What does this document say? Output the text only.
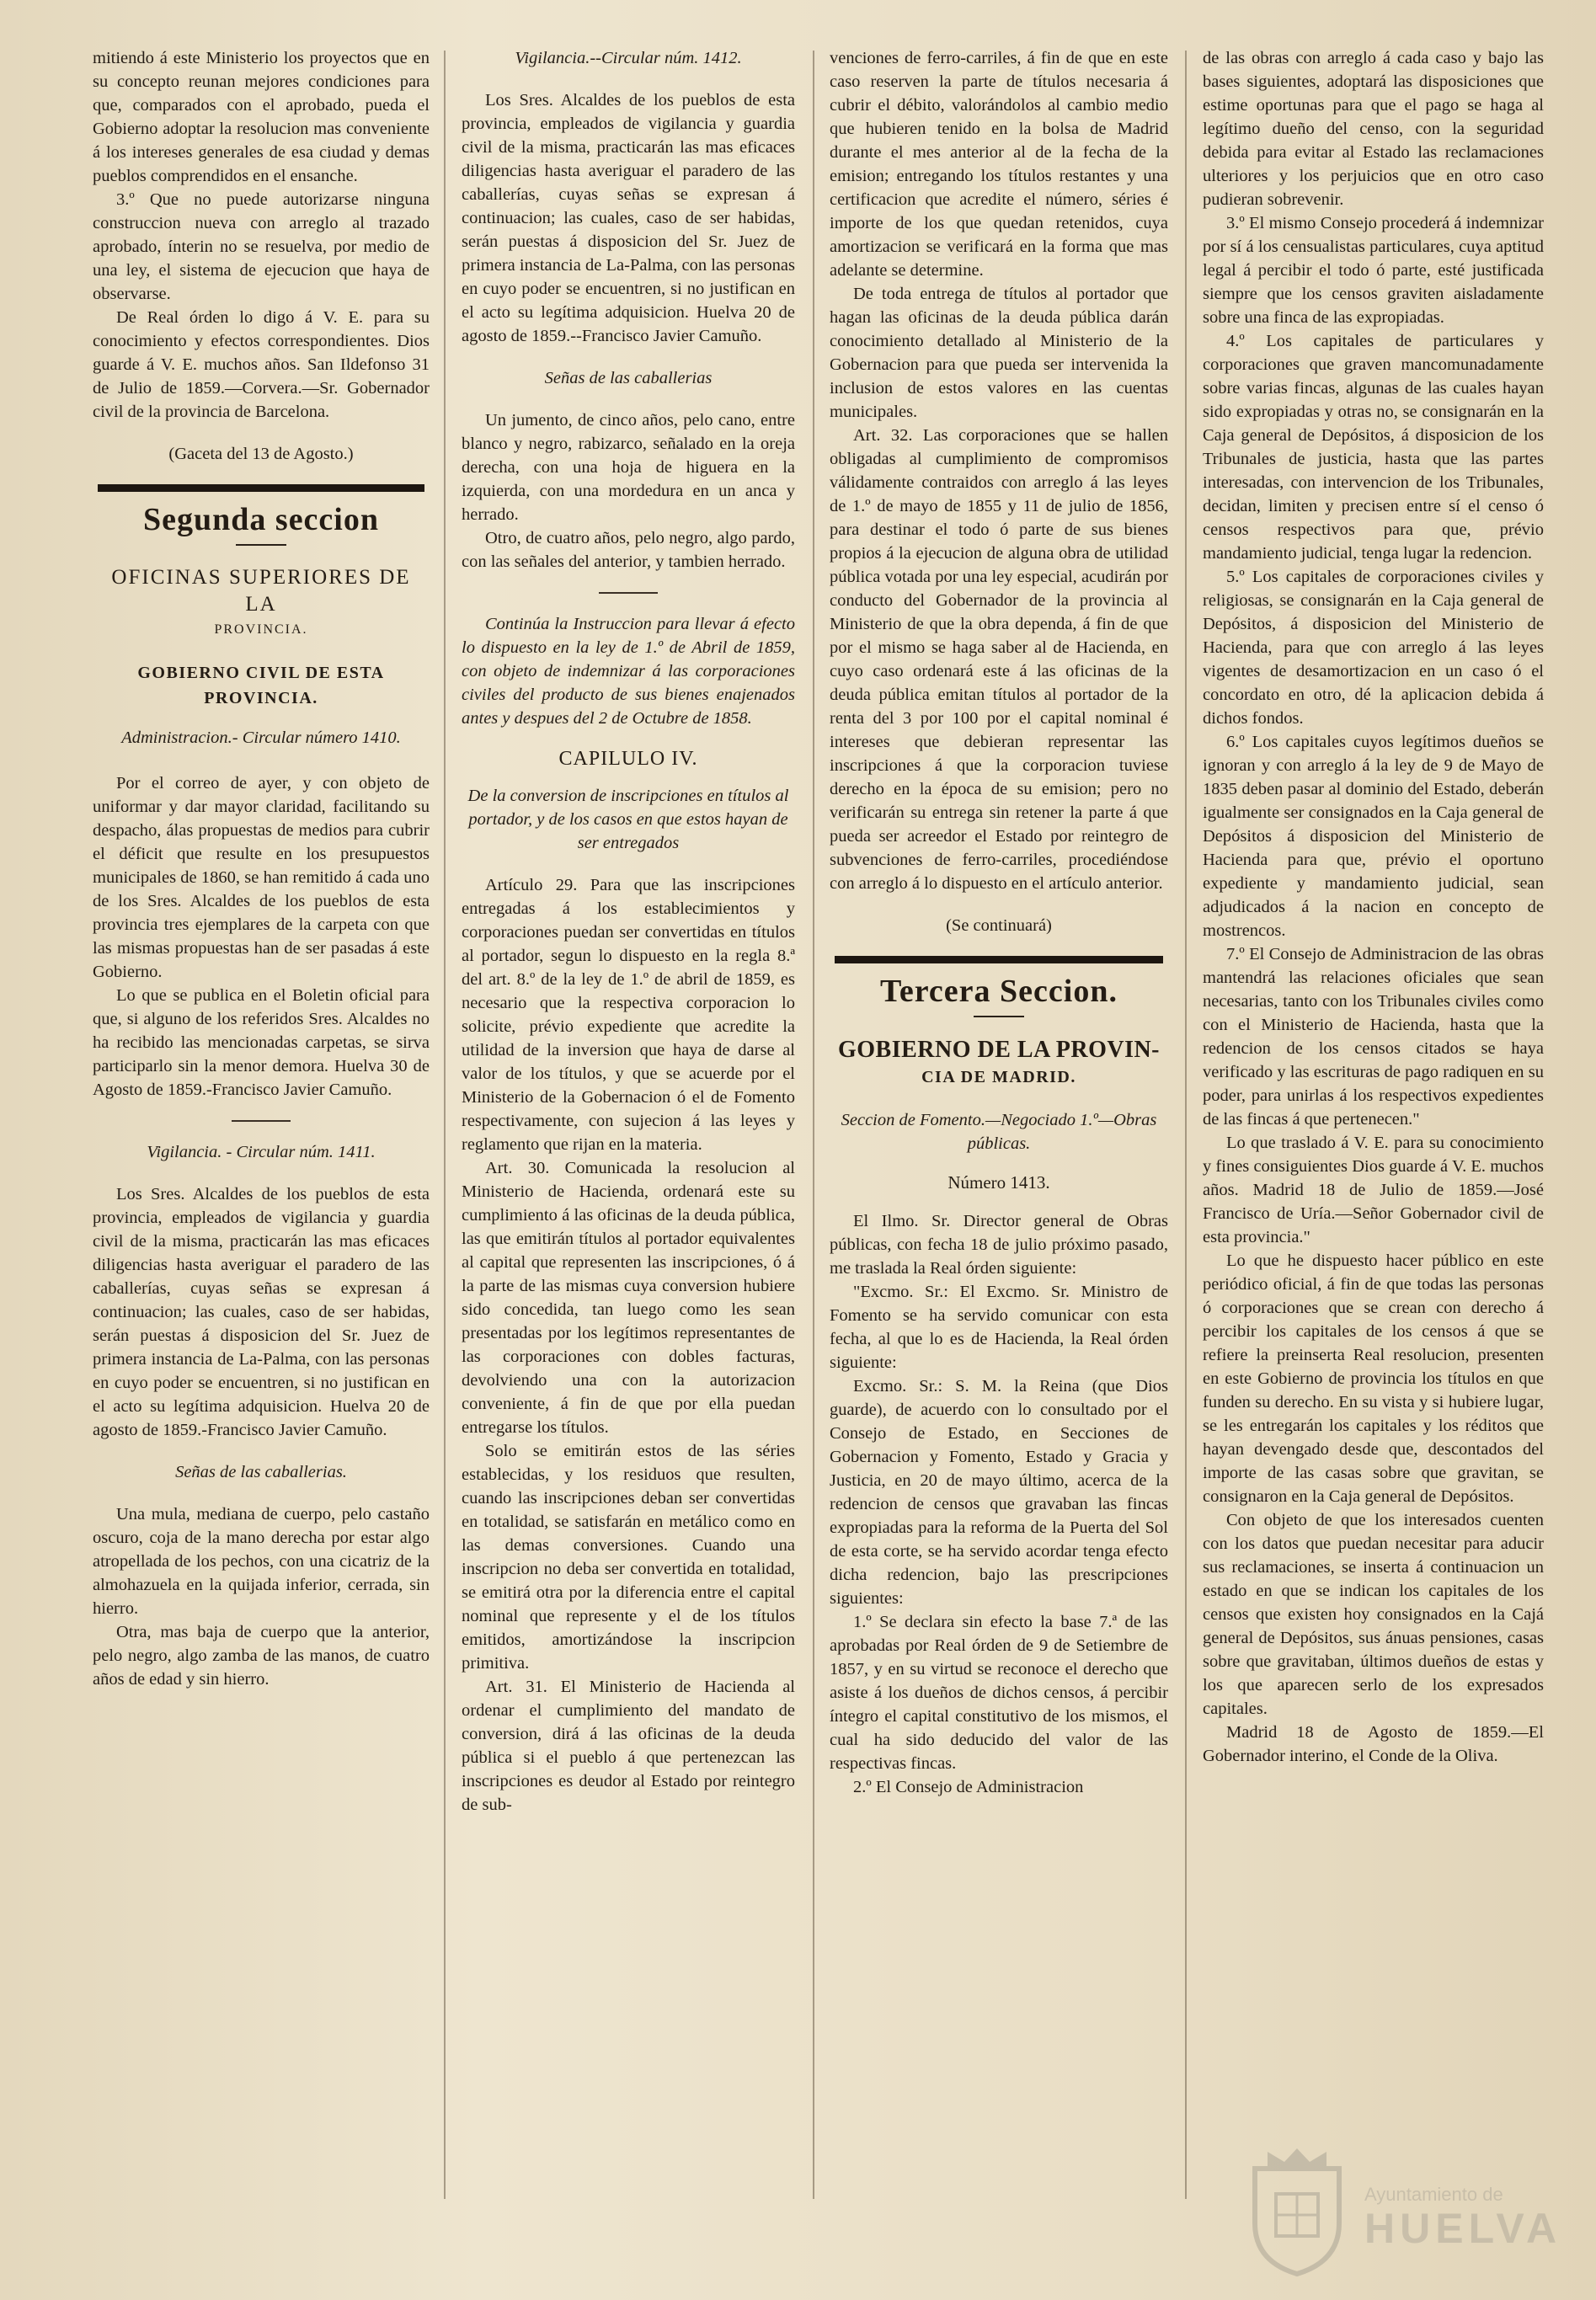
mitiendo á este Ministerio los proyectos que en su concepto reunan mejores condiciones para que, comparados con el aprobado, pueda el Gobierno adoptar la resolucion mas conveniente á los intereses generales de esa ciudad y demas pueblos comprendidos en el ensanche.

3.º Que no puede autorizarse ninguna construccion nueva con arreglo al trazado aprobado, ínterin no se resuelva, por medio de una ley, el sistema de ejecucion que haya de observarse.

De Real órden lo digo á V. E. para su conocimiento y efectos correspondientes. Dios guarde á V. E. muchos años. San Ildefonso 31 de Julio de 1859.—Corvera.—Sr. Gobernador civil de la provincia de Barcelona.

(Gaceta del 13 de Agosto.)

Segunda seccion
OFICINAS SUPERIORES DE LA
PROVINCIA.
GOBIERNO CIVIL DE ESTA PROVINCIA.
Administracion.- Circular número 1410.

Por el correo de ayer, y con objeto de uniformar y dar mayor claridad, facilitando su despacho, álas propuestas de medios para cubrir el déficit que resulte en los presupuestos municipales de 1860, se han remitido á cada uno de los Sres. Alcaldes de los pueblos de esta provincia tres ejemplares de la carpeta con que las mismas propuestas han de ser pasadas á este Gobierno.

Lo que se publica en el Boletin oficial para que, si alguno de los referidos Sres. Alcaldes no ha recibido las mencionadas carpetas, se sirva participarlo sin la menor demora. Huelva 30 de Agosto de 1859.-Francisco Javier Camuño.

Vigilancia. - Circular núm. 1411.

Los Sres. Alcaldes de los pueblos de esta provincia, empleados de vigilancia y guardia civil de la misma, practicarán las mas eficaces diligencias hasta averiguar el paradero de las caballerías, cuyas señas se expresan á continuacion; las cuales, caso de ser habidas, serán puestas á disposicion del Sr. Juez de primera instancia de La-Palma, con las personas en cuyo poder se encuentren, si no justifican en el acto su legítima adquisicion. Huelva 20 de agosto de 1859.-Francisco Javier Camuño.

Señas de las caballerias.

Una mula, mediana de cuerpo, pelo castaño oscuro, coja de la mano derecha por estar algo atropellada de los pechos, con una cicatriz de la almohazuela en la quijada inferior, cerrada, sin hierro.

Otra, mas baja de cuerpo que la anterior, pelo negro, algo zamba de las manos, de cuatro años de edad y sin hierro.

Vigilancia.--Circular núm. 1412.

Los Sres. Alcaldes de los pueblos de esta provincia, empleados de vigilancia y guardia civil de la misma, practicarán las mas eficaces diligencias hasta averiguar el paradero de las caballerías, cuyas señas se expresan á continuacion; las cuales, caso de ser habidas, serán puestas á disposicion del Sr. Juez de primera instancia de La-Palma, con las personas en cuyo poder se encuentren, si no justifican en el acto su legítima adquisicion. Huelva 20 de agosto de 1859.--Francisco Javier Camuño.

Señas de las caballerias

Un jumento, de cinco años, pelo cano, entre blanco y negro, rabizarco, señalado en la oreja derecha, con una hoja de higuera en la izquierda, con una mordedura en un anca y herrado.

Otro, de cuatro años, pelo negro, algo pardo, con las señales del anterior, y tambien herrado.

Continúa la Instruccion para llevar á efecto lo dispuesto en la ley de 1.º de Abril de 1859, con objeto de indemnizar á las corporaciones civiles del producto de sus bienes enajenados antes y despues del 2 de Octubre de 1858.

CAPILULO IV.

De la conversion de inscripciones en títulos al portador, y de los casos en que estos hayan de ser entregados

Artículo 29. Para que las inscripciones entregadas á los establecimientos y corporaciones puedan ser convertidas en títulos al portador, segun lo dispuesto en la regla 8.ª del art. 8.º de la ley de 1.º de abril de 1859, es necesario que la respectiva corporacion lo solicite, prévio expediente que acredite la utilidad de la inversion que haya de darse al valor de los títulos, y que se acuerde por el Ministerio de la Gobernacion ó el de Fomento respectivamente, con sujecion á las leyes y reglamento que rijan en la materia.

Art. 30. Comunicada la resolucion al Ministerio de Hacienda, ordenará este su cumplimiento á las oficinas de la deuda pública, las que emitirán títulos al portador equivalentes al capital que representen las inscripciones, ó á la parte de las mismas cuya conversion hubiere sido concedida, tan luego como les sean presentadas por los legítimos representantes de las corporaciones con dobles facturas, devolviendo una con la autorizacion conveniente, á fin de que por ella puedan entregarse los títulos.

Solo se emitirán estos de las séries establecidas, y los residuos que resulten, cuando las inscripciones deban ser convertidas en totalidad, se satisfarán en metálico como en las demas conversiones. Cuando una inscripcion no deba ser convertida en totalidad, se emitirá otra por la diferencia entre el capital nominal que represente y el de los títulos emitidos, amortizándose la inscripcion primitiva.

Art. 31. El Ministerio de Hacienda al ordenar el cumplimiento del mandato de conversion, dirá á las oficinas de la deuda pública si el pueblo á que pertenezcan las inscripciones es deudor al Estado por reintegro de sub-

venciones de ferro-carriles, á fin de que en este caso reserven la parte de títulos necesaria á cubrir el débito, valorándolos al cambio medio que hubieren tenido en la bolsa de Madrid durante el mes anterior al de la fecha de la emision; entregando los títulos restantes y una certificacion que acredite el número, séries é importe de los que quedan retenidos, cuya amortizacion se verificará en la forma que mas adelante se determine.

De toda entrega de títulos al portador que hagan las oficinas de la deuda pública darán conocimiento detallado al Ministerio de la Gobernacion para que pueda ser intervenida la inclusion de estos valores en las cuentas municipales.

Art. 32. Las corporaciones que se hallen obligadas al cumplimiento de compromisos válidamente contraidos con arreglo á las leyes de 1.º de mayo de 1855 y 11 de julio de 1856, para destinar el todo ó parte de sus bienes propios á la ejecucion de alguna obra de utilidad pública votada por una ley especial, acudirán por conducto del Gobernador de la provincia al Ministerio de que la obra dependa, á fin de que por el mismo se haga saber al de Hacienda, en cuyo caso ordenará este á las oficinas de la deuda pública emitan títulos al portador de la renta del 3 por 100 por el capital nominal é intereses que debieran representar las inscripciones á que la corporacion tuviese derecho en la época de su emision; pero no verificarán su entrega sin retener la parte á que pueda ser acreedor el Estado por reintegro de subvenciones de ferro-carriles, procediéndose con arreglo á lo dispuesto en el artículo anterior.

(Se continuará)

Tercera Seccion.
GOBIERNO DE LA PROVIN-
CIA DE MADRID.

Seccion de Fomento.—Negociado 1.º—Obras públicas.

Número 1413.

El Ilmo. Sr. Director general de Obras públicas, con fecha 18 de julio próximo pasado, me traslada la Real órden siguiente:

"Excmo. Sr.: El Excmo. Sr. Ministro de Fomento se ha servido comunicar con esta fecha, al que lo es de Hacienda, la Real órden siguiente:

Excmo. Sr.: S. M. la Reina (que Dios guarde), de acuerdo con lo consultado por el Consejo de Estado, en Secciones de Gobernacion y Fomento, Estado y Gracia y Justicia, en 20 de mayo último, acerca de la redencion de censos que gravaban las fincas expropiadas para la reforma de la Puerta del Sol de esta corte, se ha servido acordar tenga efecto dicha redencion, bajo las prescripciones siguientes:

1.º Se declara sin efecto la base 7.ª de las aprobadas por Real órden de 9 de Setiembre de 1857, y en su virtud se reconoce el derecho que asiste á los dueños de dichos censos, á percibir íntegro el capital constitutivo de los mismos, el cual ha sido deducido del valor de las respectivas fincas.

2.º El Consejo de Administracion

de las obras con arreglo á cada caso y bajo las bases siguientes, adoptará las disposiciones que estime oportunas para que el pago se haga al legítimo dueño del censo, con la seguridad debida para evitar al Estado las reclamaciones ulteriores y los perjuicios que en otro caso pudieran sobrevenir.

3.º El mismo Consejo procederá á indemnizar por sí á los censualistas particulares, cuya aptitud legal á percibir el todo ó parte, esté justificada siempre que los censos graviten aisladamente sobre una finca de las expropiadas.

4.º Los capitales de particulares y corporaciones que graven mancomunadamente sobre varias fincas, algunas de las cuales hayan sido expropiadas y otras no, se consignarán en la Caja general de Depósitos, á disposicion de los Tribunales de justicia, hasta que las partes interesadas, con intervencion de los Tribunales, decidan, limiten y precisen entre sí el censo ó censos respectivos para que, prévio mandamiento judicial, tenga lugar la redencion.

5.º Los capitales de corporaciones civiles y religiosas, se consignarán en la Caja general de Depósitos, á disposicion del Ministerio de Hacienda, para que con arreglo á las leyes vigentes de desamortizacion en un caso ó el concordato en otro, dé la aplicacion debida á dichos fondos.

6.º Los capitales cuyos legítimos dueños se ignoran y con arreglo á la ley de 9 de Mayo de 1835 deben pasar al dominio del Estado, deberán igualmente ser consignados en la Caja general de Depósitos á disposicion del Ministerio de Hacienda para que, prévio el oportuno expediente y mandamiento judicial, sean adjudicados á la nacion en concepto de mostrencos.

7.º El Consejo de Administracion de las obras mantendrá las relaciones oficiales que sean necesarias, tanto con los Tribunales civiles como con el Ministerio de Hacienda, hasta que la redencion de los censos citados se haya verificado y las escrituras de pago radiquen en su poder, para unirlas á los respectivos expedientes de las fincas á que pertenecen."

Lo que traslado á V. E. para su conocimiento y fines consiguientes Dios guarde á V. E. muchos años. Madrid 18 de Julio de 1859.—José Francisco de Uría.—Señor Gobernador civil de esta provincia."

Lo que he dispuesto hacer público en este periódico oficial, á fin de que todas las personas ó corporaciones que se crean con derecho á percibir los capitales de los censos á que se refiere la preinserta Real resolucion, presenten en este Gobierno de provincia los títulos en que funden su derecho. En su vista y si hubiere lugar, se les entregarán los capitales y los réditos que hayan devengado desde que, descontados del importe de las casas sobre que gravitan, se consignaron en la Caja general de Depósitos.

Con objeto de que los interesados cuenten con los datos que puedan necesitar para aducir sus reclamaciones, se inserta á continuacion un estado en que se indican los capitales de los censos que existen hoy consignados en la Cajá general de Depósitos, sus ánuas pensiones, casas sobre que gravitaban, últimos dueños de estas y los que aparecen serlo de los expresados capitales.

Madrid 18 de Agosto de 1859.—El Gobernador interino, el Conde de la Oliva.

Ayuntamiento de
HUELVA
